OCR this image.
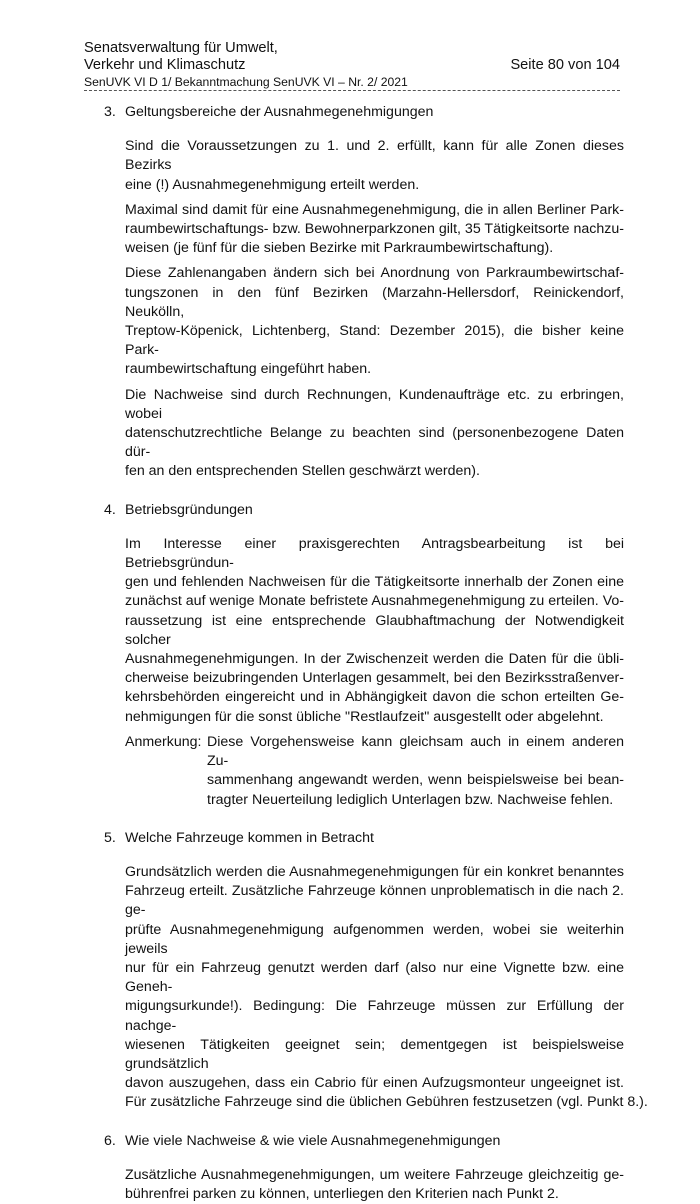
Senatsverwaltung für Umwelt,
Verkehr und Klimaschutz
SenUVK VI D 1/ Bekanntmachung SenUVK VI – Nr. 2/ 2021
Seite 80 von 104
3. Geltungsbereiche der Ausnahmegenehmigungen
Sind die Voraussetzungen zu 1. und 2. erfüllt, kann für alle Zonen dieses Bezirks
eine (!) Ausnahmegenehmigung erteilt werden.
Maximal sind damit für eine Ausnahmegenehmigung, die in allen Berliner Park-
raumbewirtschaftungs- bzw. Bewohnerparkzonen gilt, 35 Tätigkeitsorte nachzu-
weisen (je fünf für die sieben Bezirke mit Parkraumbewirtschaftung).
Diese Zahlenangaben ändern sich bei Anordnung von Parkraumbewirtschaf-
tungszonen in den fünf Bezirken (Marzahn-Hellersdorf, Reinickendorf, Neukölln,
Treptow-Köpenick, Lichtenberg, Stand: Dezember 2015), die bisher keine Park-
raumbewirtschaftung eingeführt haben.
Die Nachweise sind durch Rechnungen, Kundenaufträge etc. zu erbringen, wobei
datenschutzrechtliche Belange zu beachten sind (personenbezogene Daten dür-
fen an den entsprechenden Stellen geschwärzt werden).
4. Betriebsgründungen
Im Interesse einer praxisgerechten Antragsbearbeitung ist bei Betriebsgründun-
gen und fehlenden Nachweisen für die Tätigkeitsorte innerhalb der Zonen eine
zunächst auf wenige Monate befristete Ausnahmegenehmigung zu erteilen. Vo-
raussetzung ist eine entsprechende Glaubhaftmachung der Notwendigkeit solcher
Ausnahmegenehmigungen. In der Zwischenzeit werden die Daten für die übli-
cherweise beizubringenden Unterlagen gesammelt, bei den Bezirksstraßenver-
kehrsbehörden eingereicht und in Abhängigkeit davon die schon erteilten Ge-
nehmigungen für die sonst übliche "Restlaufzeit" ausgestellt oder abgelehnt.
Anmerkung: Diese Vorgehensweise kann gleichsam auch in einem anderen Zu-
sammenhang angewandt werden, wenn beispielsweise bei bean-
tragter Neuerteilung lediglich Unterlagen bzw. Nachweise fehlen.
5. Welche Fahrzeuge kommen in Betracht
Grundsätzlich werden die Ausnahmegenehmigungen für ein konkret benanntes
Fahrzeug erteilt. Zusätzliche Fahrzeuge können unproblematisch in die nach 2. ge-
prüfte Ausnahmegenehmigung aufgenommen werden, wobei sie weiterhin jeweils
nur für ein Fahrzeug genutzt werden darf (also nur eine Vignette bzw. eine Geneh-
migungsurkunde!). Bedingung: Die Fahrzeuge müssen zur Erfüllung der nachge-
wiesenen Tätigkeiten geeignet sein; dementgegen ist beispielsweise grundsätzlich
davon auszugehen, dass ein Cabrio für einen Aufzugsmonteur ungeeignet ist.
Für zusätzliche Fahrzeuge sind die üblichen Gebühren festzusetzen (vgl. Punkt 8.).
6. Wie viele Nachweise & wie viele Ausnahmegenehmigungen
Zusätzliche Ausnahmegenehmigungen, um weitere Fahrzeuge gleichzeitig ge-
bührenfrei parken zu können, unterliegen den Kriterien nach Punkt 2.
